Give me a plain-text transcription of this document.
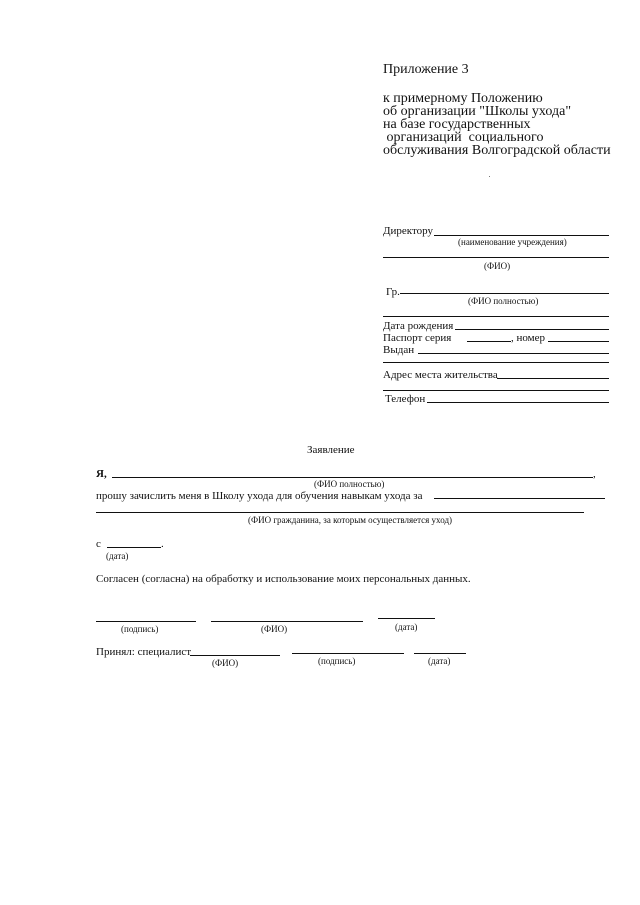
Приложение 3
к примерному Положению
об организации "Школы ухода"
на базе государственных
организаций  социального
обслуживания Волгоградской области
Директору
(наименование учреждения)
(ФИО)
Гр.
(ФИО полностью)
Дата рождения
Паспорт серия	, номер
Выдан
Адрес места жительства
Телефон
Заявление
Я,	,
(ФИО полностью)
прошу зачислить меня в Школу ухода для обучения навыкам ухода за
(ФИО гражданина, за которым осуществляется уход)
с	.
(дата)
Согласен (согласна) на обработку и использование моих персональных данных.
(подпись)	(ФИО)	(дата)
Принял: специалист
(ФИО)	(подпись)	(дата)
